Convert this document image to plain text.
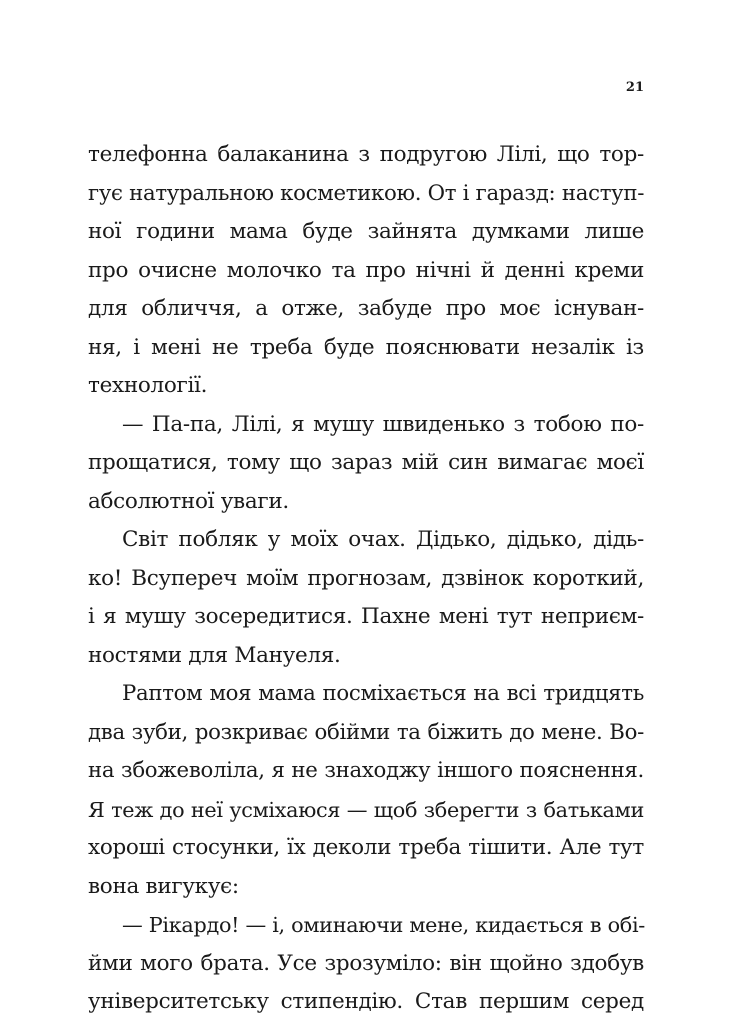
21
телефонна балаканина з подругою Лілі, що тор-
гує натуральною косметикою. От і гаразд: наступ-
ної години мама буде зайнята думками лише
про очисне молочко та про нічні й денні креми
для обличчя, а отже, забуде про моє існуван-
ня, і мені не треба буде пояснювати незалік із
технології.
— Па-па, Лілі, я мушу швиденько з тобою по-
прощатися, тому що зараз мій син вимагає моєї
абсолютної уваги.
Світ побляк у моїх очах. Дідько, дідько, дідь-
ко! Всупереч моїм прогнозам, дзвінок короткий,
і я мушу зосередитися. Пахне мені тут неприєм-
ностями для Мануеля.
Раптом моя мама посміхається на всі тридцять
два зуби, розкриває обійми та біжить до мене. Во-
на збожеволіла, я не знаходжу іншого пояснення.
Я теж до неї усміхаюся — щоб зберегти з батьками
хороші стосунки, їх деколи треба тішити. Але тут
вона вигукує:
— Рікардо! — і, оминаючи мене, кидається в обі-
йми мого брата. Усе зрозуміло: він щойно здобув
університетську стипендію. Став першим серед
